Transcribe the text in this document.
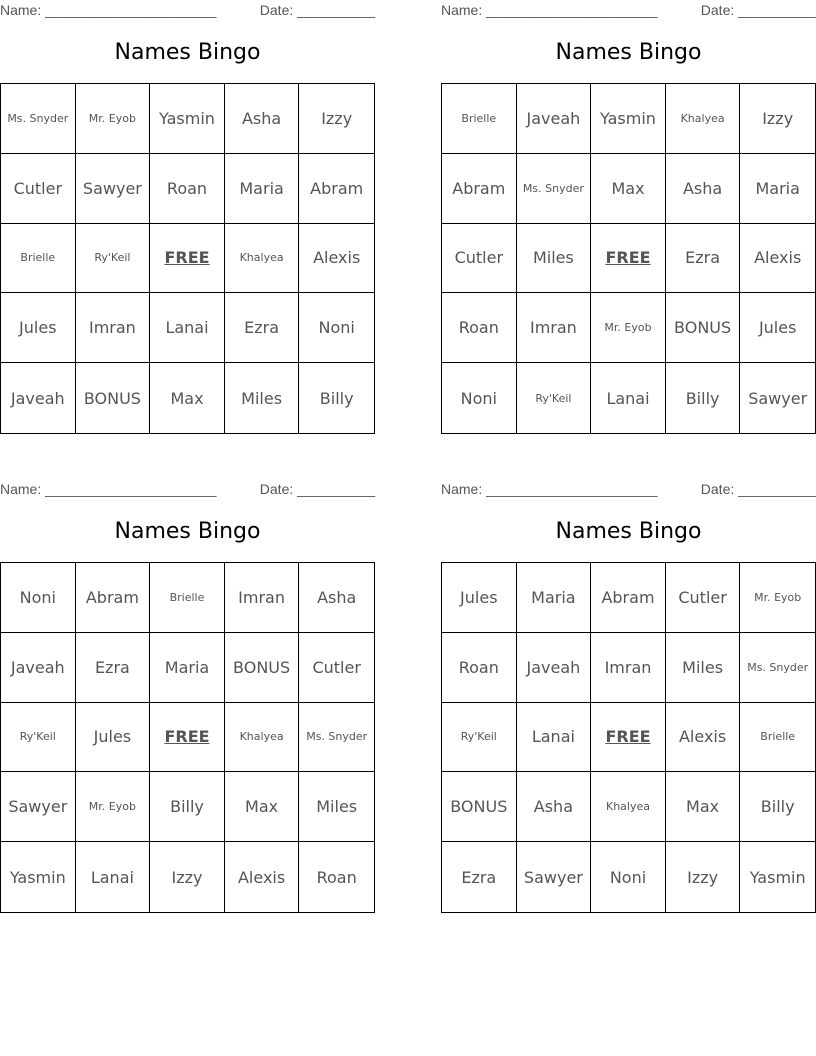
Name: ______________________	Date: __________
Names Bingo
Ms. Snyder	Mr. Eyob	Yasmin	Asha	Izzy
Cutler	Sawyer	Roan	Maria	Abram
Brielle	Ry'Keil	FREE	Khalyea	Alexis
Jules	Imran	Lanai	Ezra	Noni
Javeah	BONUS	Max	Miles	Billy
Name: ______________________	Date: __________
Names Bingo
Brielle	Javeah	Yasmin	Khalyea	Izzy
Abram	Ms. Snyder	Max	Asha	Maria
Cutler	Miles	FREE	Ezra	Alexis
Roan	Imran	Mr. Eyob	BONUS	Jules
Noni	Ry'Keil	Lanai	Billy	Sawyer
Name: ______________________	Date: __________
Names Bingo
Noni	Abram	Brielle	Imran	Asha
Javeah	Ezra	Maria	BONUS	Cutler
Ry'Keil	Jules	FREE	Khalyea	Ms. Snyder
Sawyer	Mr. Eyob	Billy	Max	Miles
Yasmin	Lanai	Izzy	Alexis	Roan
Name: ______________________	Date: __________
Names Bingo
Jules	Maria	Abram	Cutler	Mr. Eyob
Roan	Javeah	Imran	Miles	Ms. Snyder
Ry'Keil	Lanai	FREE	Alexis	Brielle
BONUS	Asha	Khalyea	Max	Billy
Ezra	Sawyer	Noni	Izzy	Yasmin
